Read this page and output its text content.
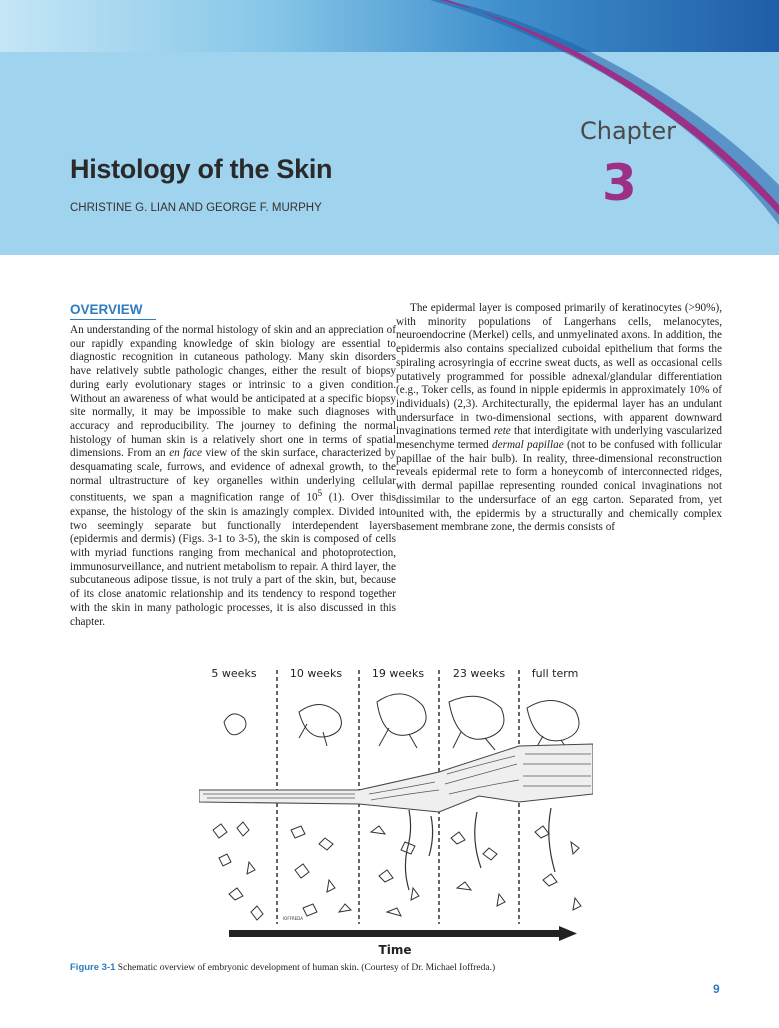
Chapter
3
Histology of the Skin
CHRISTINE G. LIAN AND GEORGE F. MURPHY
OVERVIEW

An understanding of the normal histology of skin and an appreciation of our rapidly expanding knowledge of skin biology are essential to diagnostic recognition in cutaneous pathology. Many skin disorders have relatively subtle pathologic changes, either the result of biopsy during early evolutionary stages or intrinsic to a given condition. Without an awareness of what would be anticipated at a specific biopsy site normally, it may be impossible to make such diagnoses with accuracy and reproducibility. The journey to defining the normal histology of human skin is a relatively short one in terms of spatial dimensions. From an en face view of the skin surface, characterized by desquamating scale, furrows, and evidence of adnexal growth, to the normal ultrastructure of key organelles within underlying cellular constituents, we span a magnification range of $10^5$ (1). Over this expanse, the histology of the skin is amazingly complex. Divided into two seemingly separate but functionally interdependent layers (epidermis and dermis) (Figs. 3-1 to 3-5), the skin is composed of cells with myriad functions ranging from mechanical and photoprotection, immunosurveillance, and nutrient metabolism to repair. A third layer, the subcutaneous adipose tissue, is not truly a part of the skin, but, because of its close anatomic relationship and its tendency to respond together with the skin in many pathologic processes, it is also discussed in this chapter.

The epidermal layer is composed primarily of keratinocytes (>90%), with minority populations of Langerhans cells, melanocytes, neuroendocrine (Merkel) cells, and unmyelinated axons. In addition, the epidermis also contains specialized cuboidal epithelium that forms the spiraling acrosyringia of eccrine sweat ducts, as well as occasional cells putatively programmed for possible adnexal/glandular differentiation (e.g., Toker cells, as found in nipple epidermis in approximately 10% of individuals) (2,3). Architecturally, the epidermal layer has an undulant undersurface in two-dimensional sections, with apparent downward invaginations termed rete that interdigitate with underlying vascularized mesenchyme termed dermal papillae (not to be confused with follicular papillae of the hair bulb). In reality, three-dimensional reconstruction reveals epidermal rete to form a honeycomb of interconnected ridges, with dermal papillae representing rounded conical invaginations not dissimilar to the undersurface of an egg carton. Separated from, yet united with, the epidermis by a structurally and chemically complex basement membrane zone, the dermis consists of

5 weeks	10 weeks	19 weeks	23 weeks full term
IOFFREDA
Time
Figure 3-1 Schematic overview of embryonic development of human skin. (Courtesy of Dr. Michael Ioffreda.)
9
